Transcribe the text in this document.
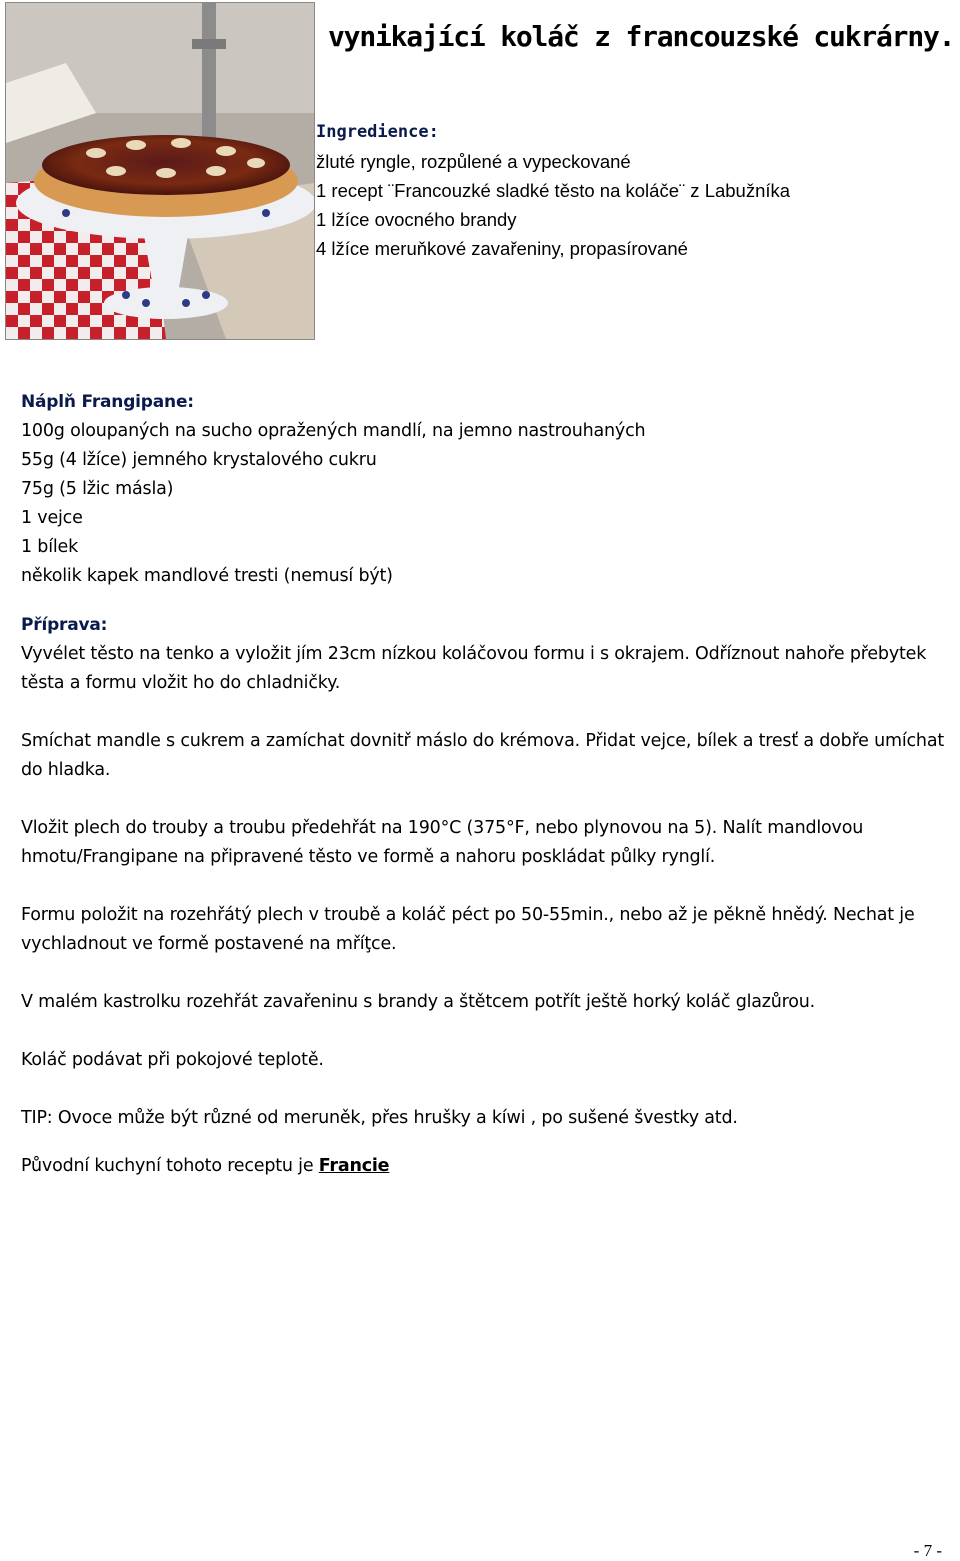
vynikající koláč z francouzské cukrárny.
Ingredience:
žluté ryngle, rozpůlené a vypeckované
1 recept ¨Francouzké sladké těsto na koláče¨ z Labužníka
1 lžíce ovocného brandy
4 lžíce meruňkové zavařeniny, propasírované
Náplň Frangipane:
100g oloupaných na sucho opražených mandlí, na jemno nastrouhaných
55g (4 lžíce) jemného krystalového cukru
75g (5 lžic másla)
1 vejce
1 bílek
několik kapek mandlové tresti (nemusí být)
Příprava:

Vyvélet těsto na tenko a vyložit jím 23cm nízkou koláčovou formu i s okrajem. Odříznout nahoře přebytek těsta a formu vložit ho do chladničky.

Smíchat mandle s cukrem a zamíchat dovnitř máslo do krémova. Přidat vejce, bílek a tresť a dobře umíchat do hladka.

Vložit plech do trouby a troubu předehřát na 190°C (375°F, nebo plynovou na 5). Nalít mandlovou hmotu/Frangipane na připravené těsto ve formě a nahoru poskládat půlky rynglí.

Formu položit na rozehřátý plech v troubě a koláč péct po 50-55min., nebo až je pěkně hnědý. Nechat je vychladnout ve formě postavené na mříţce.

V malém kastrolku rozehřát zavařeninu s brandy a štětcem potřít ještě horký koláč glazůrou.

Koláč podávat při pokojové teplotě.

TIP: Ovoce může být různé od meruněk, přes hrušky a kíwi , po sušené švestky atd.

Původní kuchyní tohoto receptu je Francie

- 7 -
